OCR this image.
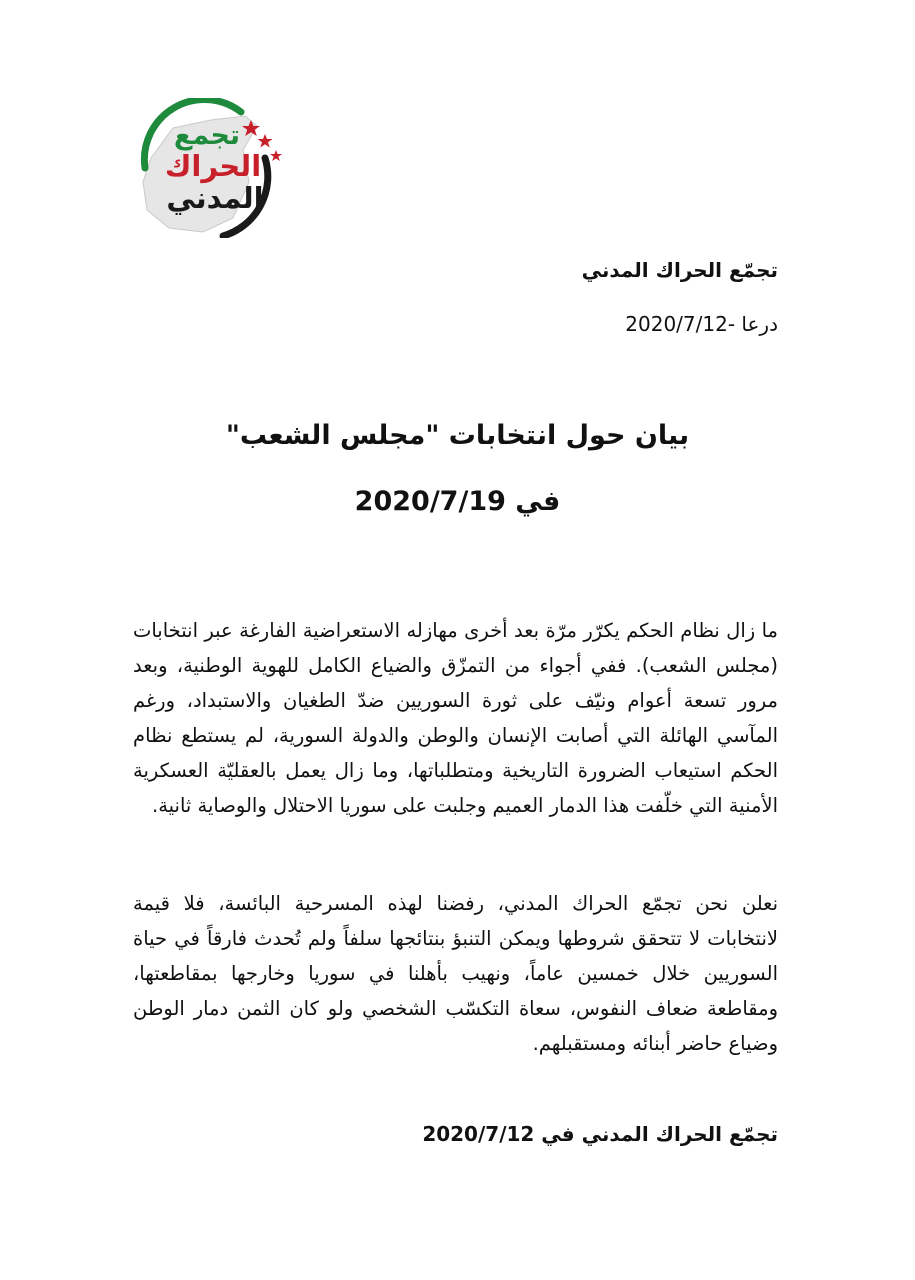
تجمع
الحراك
المدني
تجمّع الحراك المدني
درعا -2020/7/12
بيان حول انتخابات "مجلس الشعب"
في 2020/7/19

ما زال نظام الحكم يكرّر مرّة بعد أخرى مهازله الاستعراضية الفارغة عبر انتخابات (مجلس الشعب). ففي أجواء من التمزّق والضياع الكامل للهوية الوطنية، وبعد مرور تسعة أعوام ونيّف على ثورة السوريين ضدّ الطغيان والاستبداد، ورغم المآسي الهائلة التي أصابت الإنسان والوطن والدولة السورية، لم يستطع نظام الحكم استيعاب الضرورة التاريخية ومتطلباتها، وما زال يعمل بالعقليّة العسكرية الأمنية التي خلّفت هذا الدمار العميم وجلبت على سوريا الاحتلال والوصاية ثانية.

نعلن نحن تجمّع الحراك المدني، رفضنا لهذه المسرحية البائسة، فلا قيمة لانتخابات لا تتحقق شروطها ويمكن التنبؤ بنتائجها سلفاً ولم تُحدث فارقاً في حياة السوريين خلال خمسين عاماً، ونهيب بأهلنا في سوريا وخارجها بمقاطعتها، ومقاطعة ضعاف النفوس، سعاة التكسّب الشخصي ولو كان الثمن دمار الوطن وضياع حاضر أبنائه ومستقبلهم.

تجمّع الحراك المدني في 2020/7/12
